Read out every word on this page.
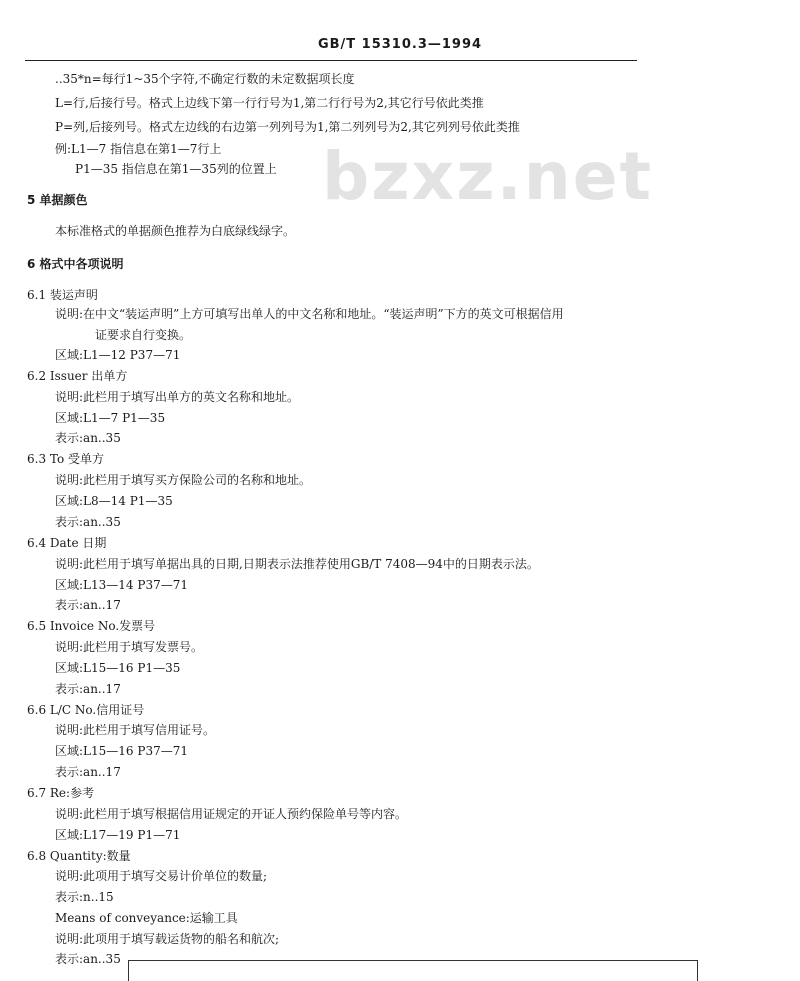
GB/T 15310.3—1994
bzxz.net
..35*n=每行1~35个字符,不确定行数的未定数据项长度
L=行,后接行号。格式上边线下第一行行号为1,第二行行号为2,其它行号依此类推
P=列,后接列号。格式左边线的右边第一列列号为1,第二列列号为2,其它列列号依此类推
例:L1—7 指信息在第1—7行上
P1—35 指信息在第1—35列的位置上
5 单据颜色
本标准格式的单据颜色推荐为白底绿线绿字。
6 格式中各项说明
6.1 装运声明
说明:在中文“装运声明”上方可填写出单人的中文名称和地址。“装运声明”下方的英文可根据信用
证要求自行变换。
区域:L1—12 P37—71
6.2 Issuer 出单方
说明:此栏用于填写出单方的英文名称和地址。
区域:L1—7 P1—35
表示:an..35
6.3 To 受单方
说明:此栏用于填写买方保险公司的名称和地址。
区域:L8—14 P1—35
表示:an..35
6.4 Date 日期
说明:此栏用于填写单据出具的日期,日期表示法推荐使用GB/T 7408—94中的日期表示法。
区域:L13—14 P37—71
表示:an..17
6.5 Invoice No.发票号
说明:此栏用于填写发票号。
区域:L15—16 P1—35
表示:an..17
6.6 L/C No.信用证号
说明:此栏用于填写信用证号。
区域:L15—16 P37—71
表示:an..17
6.7 Re:参考
说明:此栏用于填写根据信用证规定的开证人预约保险单号等内容。
区域:L17—19 P1—71
6.8 Quantity:数量
说明:此项用于填写交易计价单位的数量;
表示:n..15
Means of conveyance:运输工具
说明:此项用于填写载运货物的船名和航次;
表示:an..35
